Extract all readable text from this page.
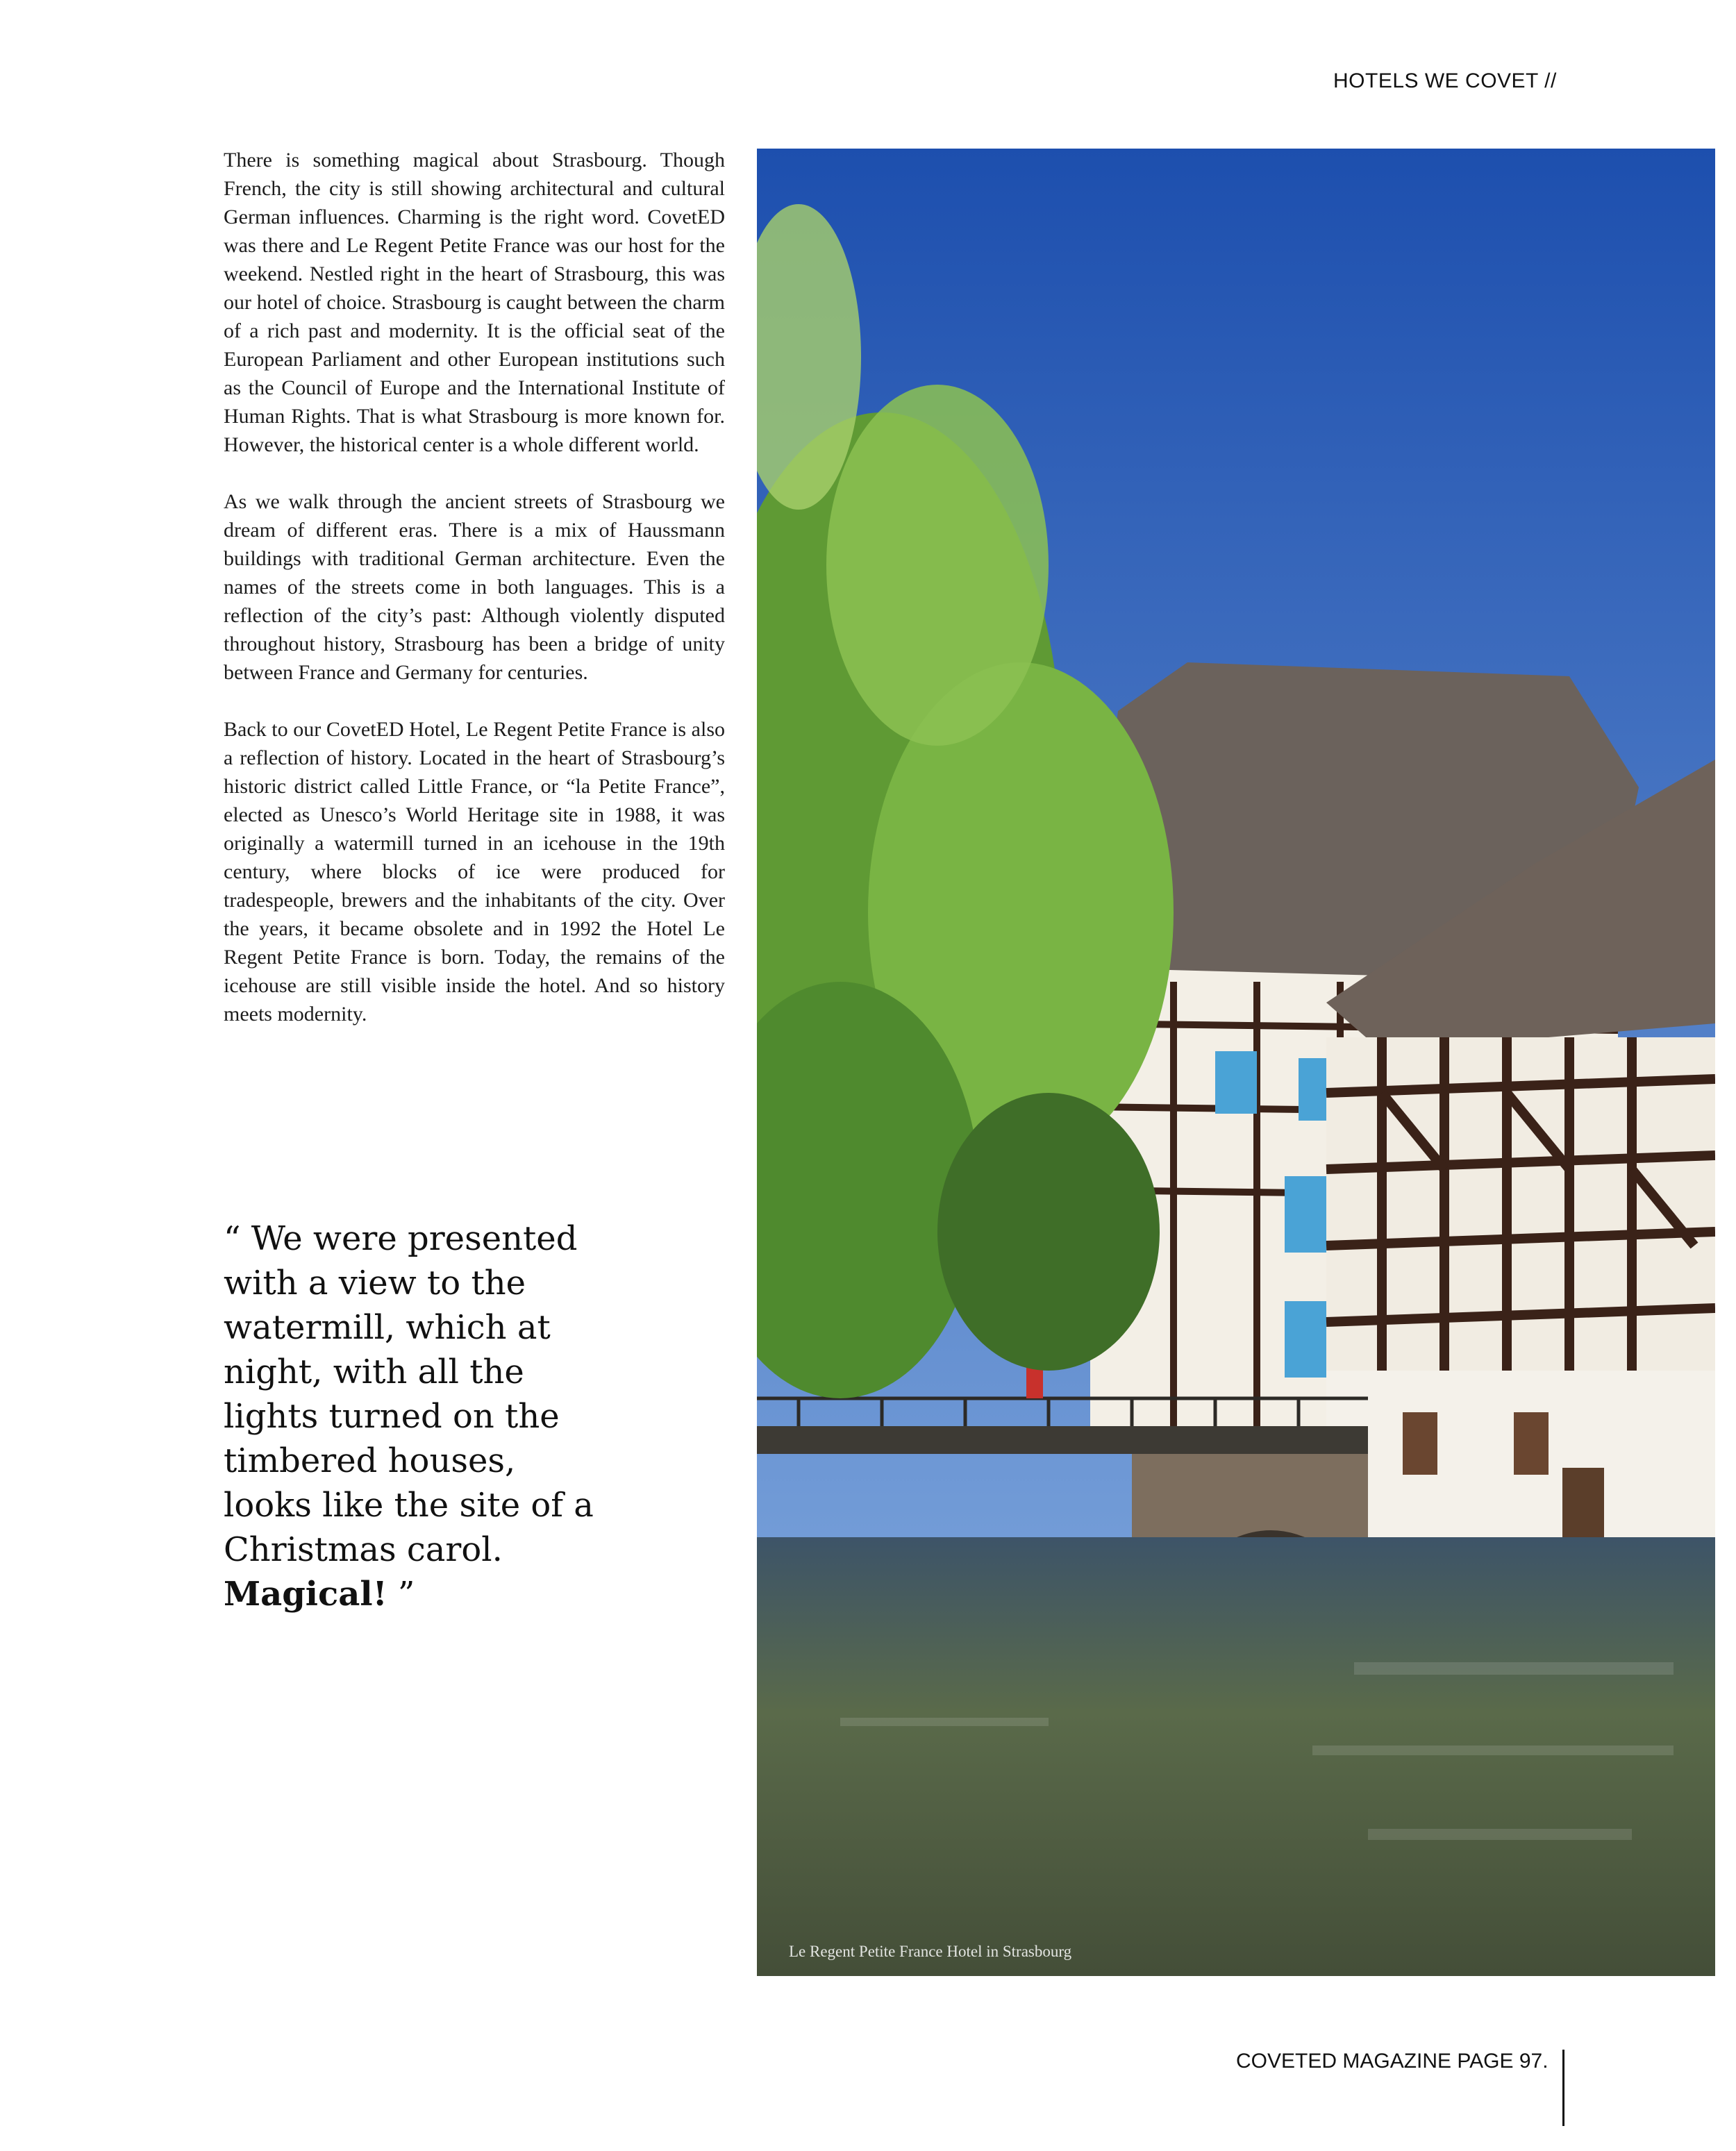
HOTELS WE COVET //

There is something magical about Strasbourg. Though French, the city is still showing architectural and cultural German influences. Charming is the right word. CovetED was there and Le Regent Petite France was our host for the weekend. Nestled right in the heart of Strasbourg, this was our hotel of choice. Strasbourg is caught between the charm of a rich past and modernity. It is the official seat of the European Parliament and other European institutions such as the Council of Europe and the International Institute of Human Rights. That is what Strasbourg is more known for. However, the historical center is a whole different world.

As we walk through the ancient streets of Strasbourg we dream of different eras. There is a mix of Haussmann buildings with traditional German architecture. Even the names of the streets come in both languages. This is a reflection of the city’s past: Although violently disputed throughout history, Strasbourg has been a bridge of unity between France and Germany for centuries.

Back to our CovetED Hotel, Le Regent Petite France is also a reflection of history. Located in the heart of Strasbourg’s historic district called Little France, or “la Petite France”, elected as Unesco’s World Heritage site in 1988, it was originally a watermill turned in an icehouse in the 19th century, where blocks of ice were produced for tradespeople, brewers and the inhabitants of the city. Over the years, it became obsolete and in 1992 the Hotel Le Regent Petite France is born. Today, the remains of the icehouse are still visible inside the hotel. And so history meets modernity.

“ We were presented with a view to the watermill, which at night, with all the lights turned on the timbered houses, looks like the site of a Christmas carol. Magical! ”
Le Regent Petite France Hotel in Strasbourg
COVETED MAGAZINE PAGE 97.
